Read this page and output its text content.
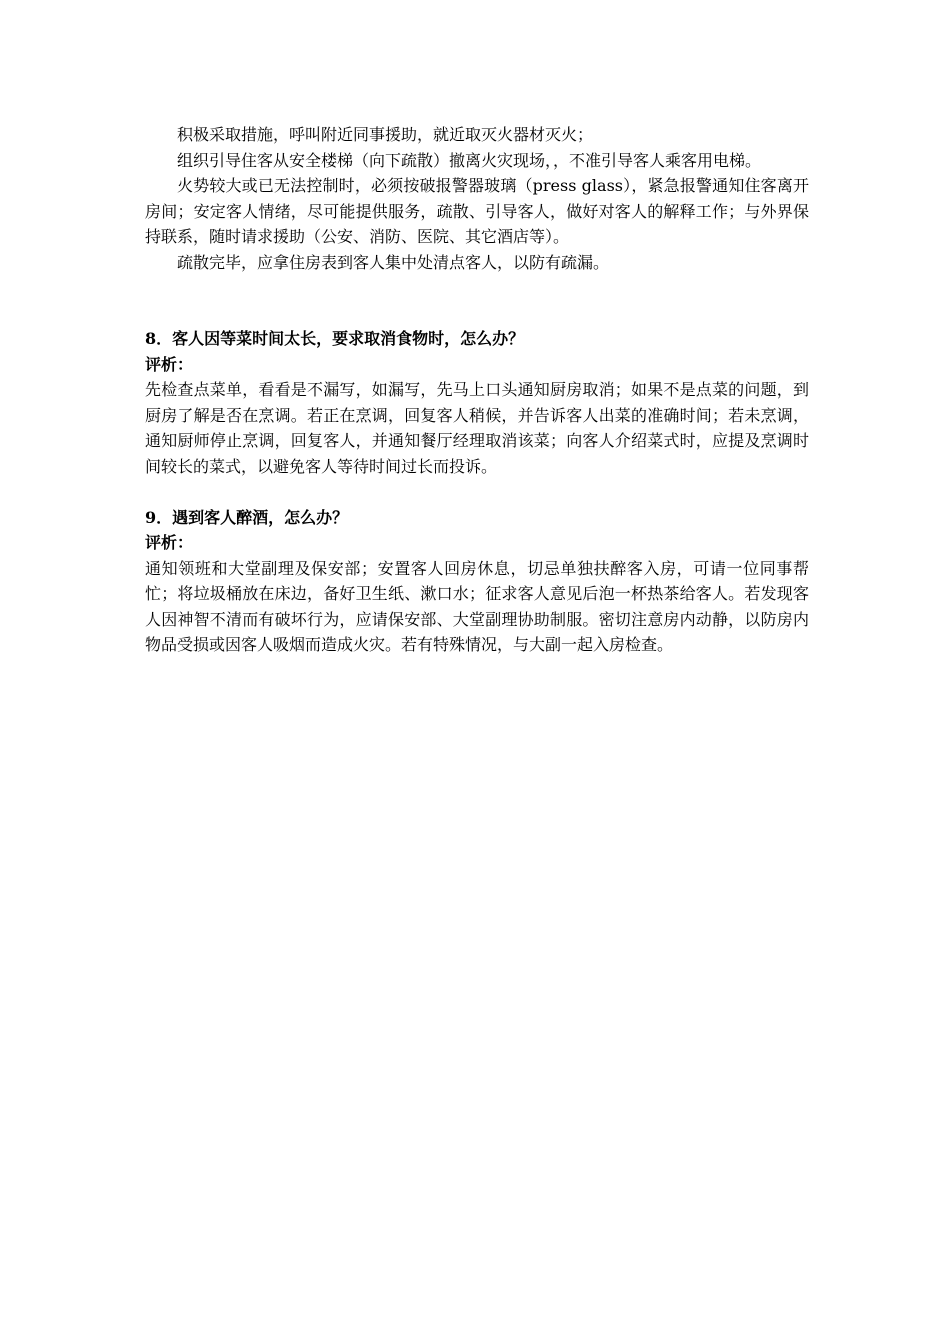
积极采取措施，呼叫附近同事援助，就近取灭火器材灭火；

组织引导住客从安全楼梯（向下疏散）撤离火灾现场，，不准引导客人乘客用电梯。

火势较大或已无法控制时，必须按破报警器玻璃（press glass），紧急报警通知住客离开房间；安定客人情绪，尽可能提供服务，疏散、引导客人，做好对客人的解释工作；与外界保持联系，随时请求援助（公安、消防、医院、其它酒店等）。

疏散完毕，应拿住房表到客人集中处清点客人，以防有疏漏。

8．客人因等菜时间太长，要求取消食物时，怎么办？

评析：

先检查点菜单，看看是不漏写，如漏写，先马上口头通知厨房取消；如果不是点菜的问题，到厨房了解是否在烹调。若正在烹调，回复客人稍候，并告诉客人出菜的准确时间；若未烹调，通知厨师停止烹调，回复客人，并通知餐厅经理取消该菜；向客人介绍菜式时，应提及烹调时间较长的菜式，以避免客人等待时间过长而投诉。

9．遇到客人醉酒，怎么办？

评析：

通知领班和大堂副理及保安部；安置客人回房休息，切忌单独扶醉客入房，可请一位同事帮忙；将垃圾桶放在床边，备好卫生纸、漱口水；征求客人意见后泡一杯热茶给客人。若发现客人因神智不清而有破坏行为，应请保安部、大堂副理协助制服。密切注意房内动静，以防房内物品受损或因客人吸烟而造成火灾。若有特殊情况，与大副一起入房检查。
